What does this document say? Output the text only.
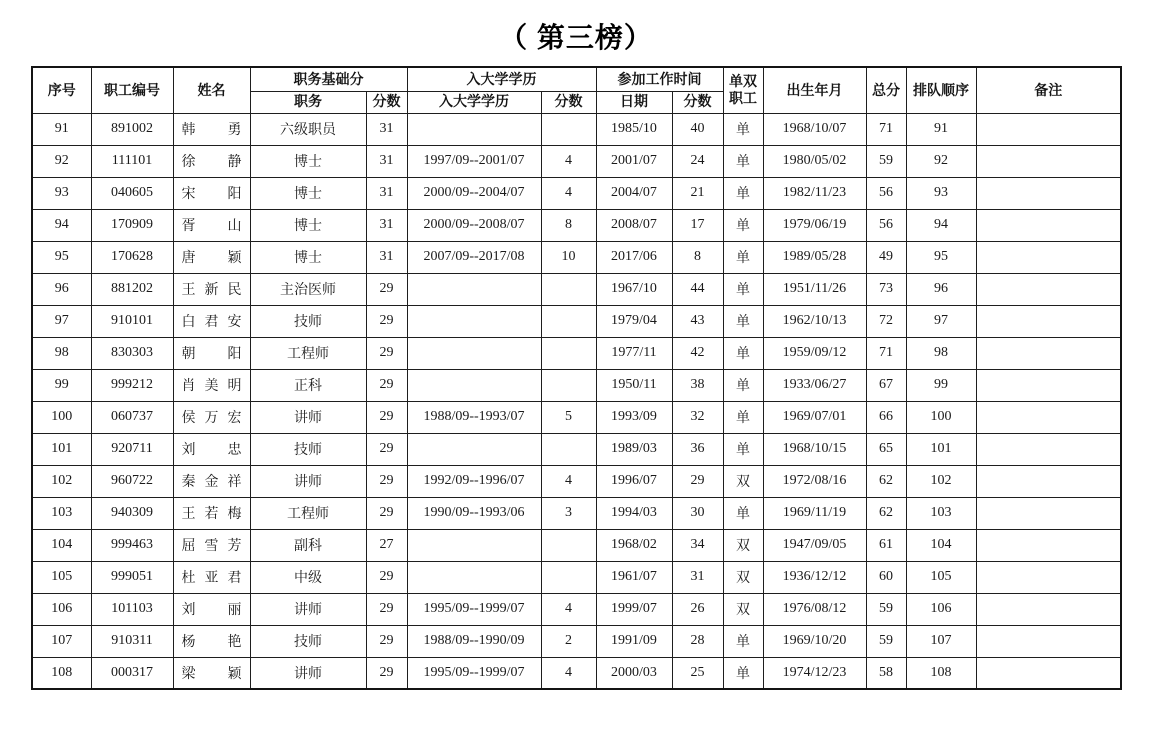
（ 第三榜）
序号	职工编号	姓名	职务基础分		入大学学历		参加工作时间		单双职工	出生年月	总分	排队顺序	备注
			职务	分数	入大学学历	分数	日期	分数					
91	891002	韩勇	六级职员	31			1985/10	40	单	1968/10/07	71	91	
92	111101	徐静	博士	31	1997/09--2001/07	4	2001/07	24	单	1980/05/02	59	92	
93	040605	宋阳	博士	31	2000/09--2004/07	4	2004/07	21	单	1982/11/23	56	93	
94	170909	胥山	博士	31	2000/09--2008/07	8	2008/07	17	单	1979/06/19	56	94	
95	170628	唐颖	博士	31	2007/09--2017/08	10	2017/06	8	单	1989/05/28	49	95	
96	881202	王新民	主治医师	29			1967/10	44	单	1951/11/26	73	96	
97	910101	白君安	技师	29			1979/04	43	单	1962/10/13	72	97	
98	830303	朝阳	工程师	29			1977/11	42	单	1959/09/12	71	98	
99	999212	肖美明	正科	29			1950/11	38	单	1933/06/27	67	99	
100	060737	侯万宏	讲师	29	1988/09--1993/07	5	1993/09	32	单	1969/07/01	66	100	
101	920711	刘忠	技师	29			1989/03	36	单	1968/10/15	65	101	
102	960722	秦金祥	讲师	29	1992/09--1996/07	4	1996/07	29	双	1972/08/16	62	102	
103	940309	王若梅	工程师	29	1990/09--1993/06	3	1994/03	30	单	1969/11/19	62	103	
104	999463	屈雪芳	副科	27			1968/02	34	双	1947/09/05	61	104	
105	999051	杜亚君	中级	29			1961/07	31	双	1936/12/12	60	105	
106	101103	刘丽	讲师	29	1995/09--1999/07	4	1999/07	26	双	1976/08/12	59	106	
107	910311	杨艳	技师	29	1988/09--1990/09	2	1991/09	28	单	1969/10/20	59	107	
108	000317	梁颖	讲师	29	1995/09--1999/07	4	2000/03	25	单	1974/12/23	58	108	
